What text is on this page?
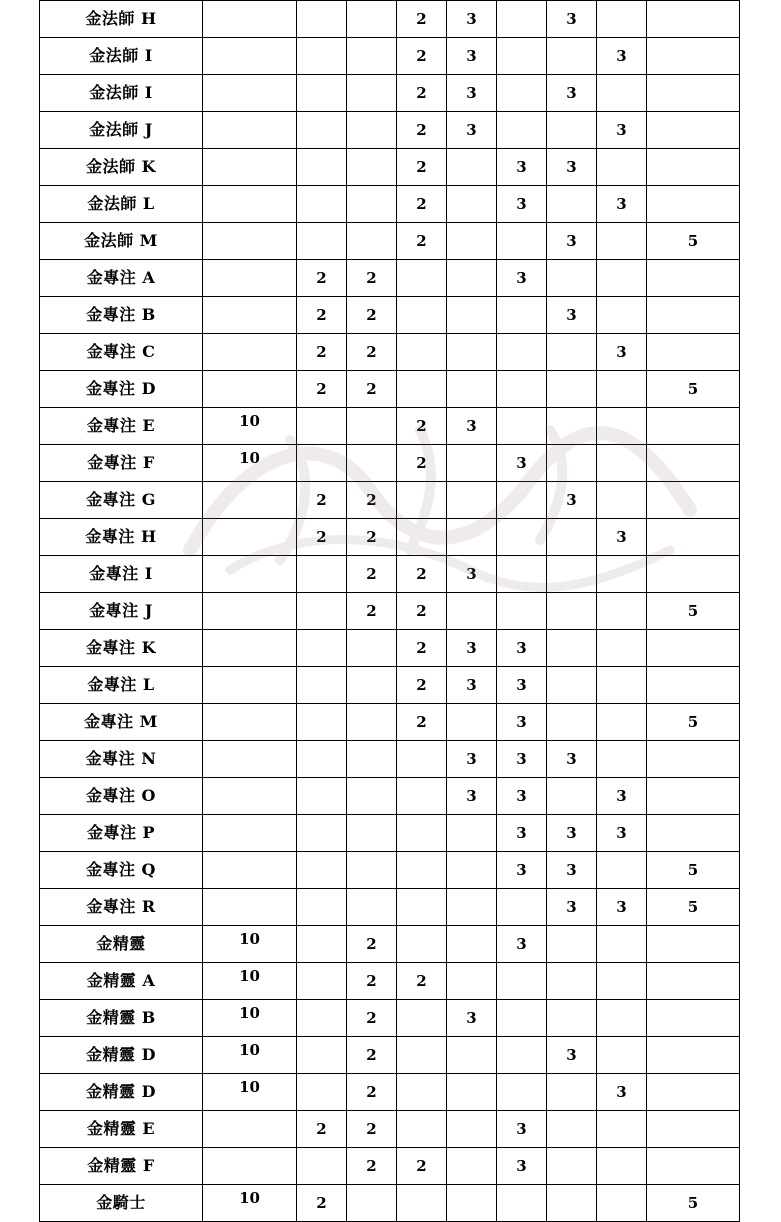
金法師 H				2	3		3		
金法師 I				2	3			3	
金法師 I				2	3		3		
金法師 J				2	3			3	
金法師 K				2		3	3		
金法師 L				2		3		3	
金法師 M				2			3		5
金專注 A		2	2			3			
金專注 B		2	2				3		
金專注 C		2	2					3	
金專注 D		2	2						5
金專注 E	10			2	3				
金專注 F	10			2		3			
金專注 G		2	2				3		
金專注 H		2	2					3	
金專注 I			2	2	3				
金專注 J			2	2					5
金專注 K				2	3	3			
金專注 L				2	3	3			
金專注 M				2		3			5
金專注 N					3	3	3		
金專注 O					3	3		3	
金專注 P						3	3	3	
金專注 Q						3	3		5
金專注 R							3	3	5
金精靈	10		2			3			
金精靈 A	10		2	2					
金精靈 B	10		2		3				
金精靈 D	10		2				3		
金精靈 D	10		2					3	
金精靈 E		2	2			3			
金精靈 F			2	2		3			
金騎士	10	2							5
